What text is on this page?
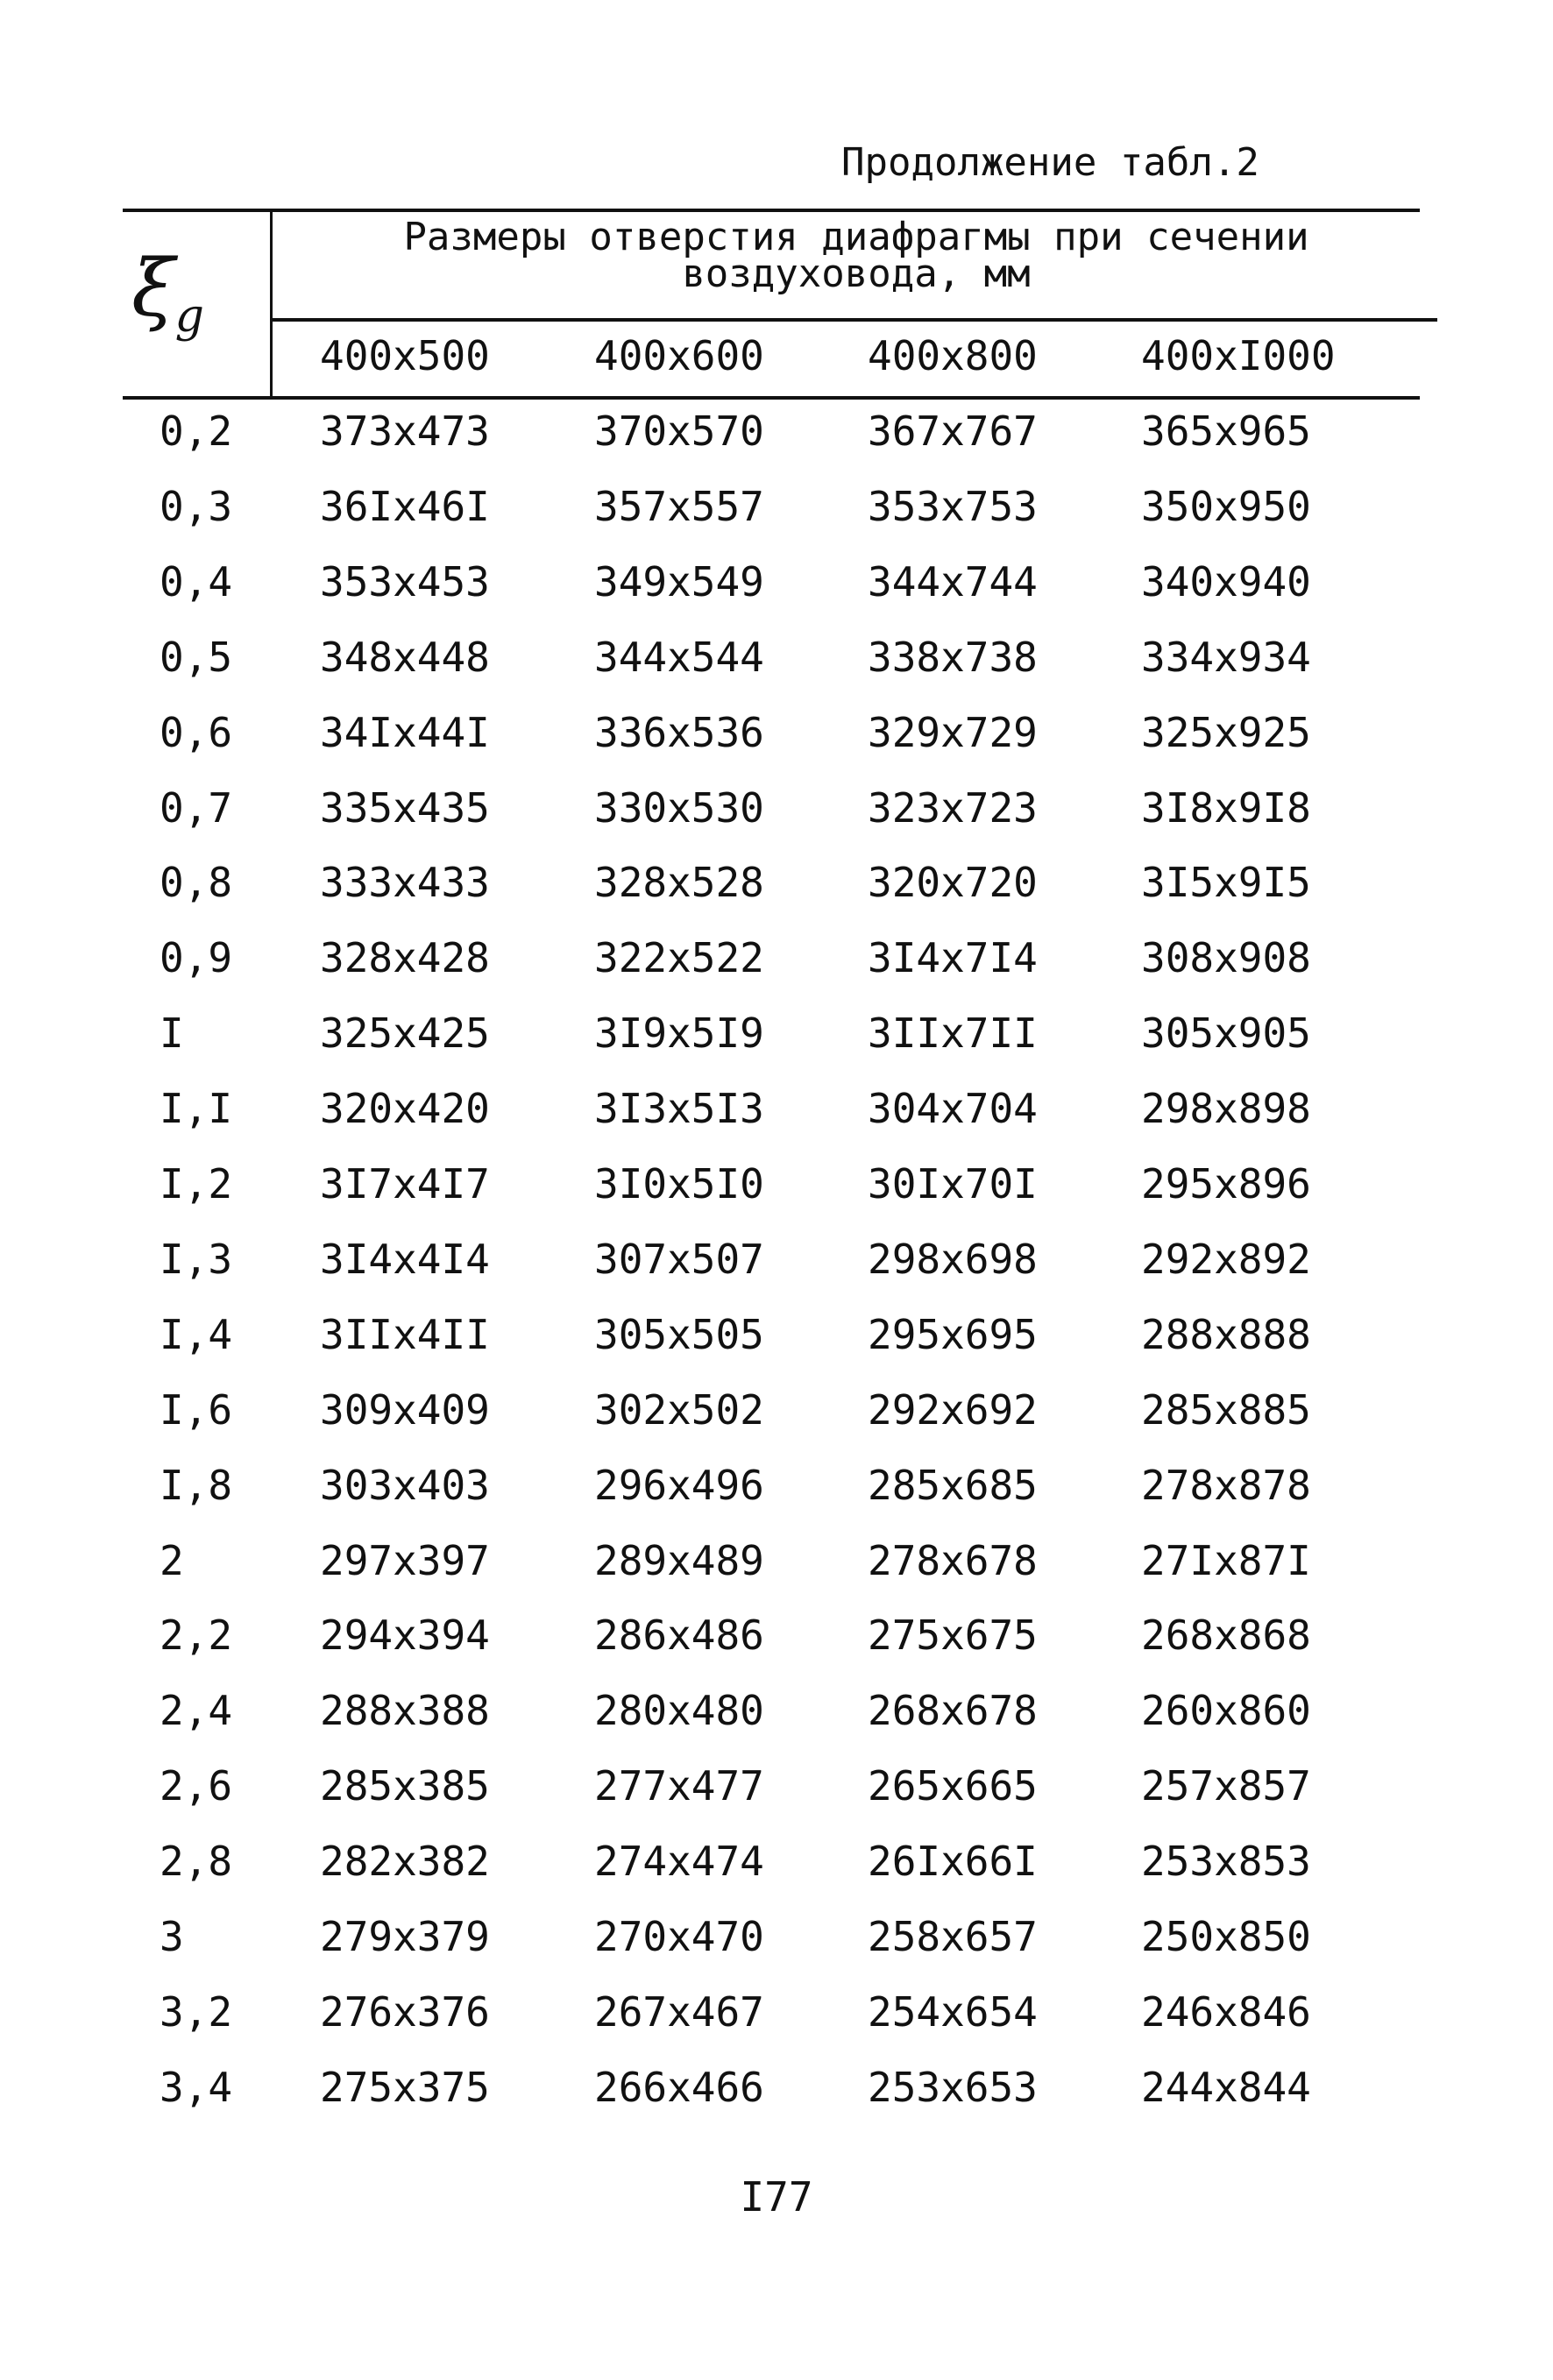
Продолжение табл.2
$\xi_g$
Размеры отверстия диафрагмы при сечении воздуховода, мм
400x500	400x600	400x800	400xI000
0,2 373x473	370x570	367x767	365x965
0,3 36Ix46I	357x557	353x753	350x950
0,4 353x453	349x549	344x744	340x940
0,5 348x448	344x544	338x738	334x934
0,6 34Ix44I	336x536	329x729	325x925
0,7 335x435	330x530	323x723	3I8x9I8
0,8 333x433	328x528	320x720	3I5x9I5
0,9 328x428	322x522	3I4x7I4	308x908
I	325x425	3I9x5I9	3IIx7II	305x905
I,I 320x420	3I3x5I3	304x704	298x898
I,2 3I7x4I7	3I0x5I0	30Ix70I	295x896
I,3 3I4x4I4	307x507	298x698	292x892
I,4 3IIx4II	305x505	295x695	288x888
I,6 309x409	302x502	292x692	285x885
I,8 303x403	296x496	285x685	278x878
2	297x397	289x489	278x678	27Ix87I
2,2 294x394	286x486	275x675	268x868
2,4 288x388	280x480	268x678	260x860
2,6 285x385	277x477	265x665	257x857
2,8 282x382	274x474	26Ix66I	253x853
3	279x379	270x470	258x657	250x850
3,2 276x376	267x467	254x654	246x846
3,4 275x375	266x466	253x653	244x844
I77
